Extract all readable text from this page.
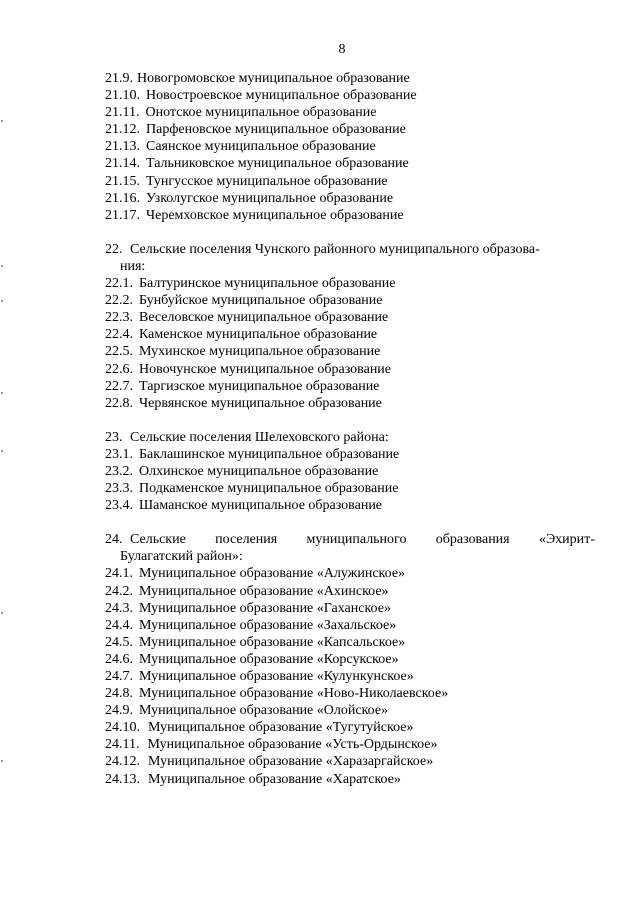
8
21.9. Новогромовское муниципальное образование
21.10. Новостроевское муниципальное образование
21.11. Онотское муниципальное образование
21.12. Парфеновское муниципальное образование
21.13. Саянское муниципальное образование
21.14. Тальниковское муниципальное образование
21.15. Тунгусское муниципальное образование
21.16. Узколугское муниципальное образование
21.17. Черемховское муниципальное образование
22. Сельские поселения Чунского районного муниципального образова-
ния:
22.1. Балтуринское муниципальное образование
22.2. Бунбуйское муниципальное образование
22.3. Веселовское муниципальное образование
22.4. Каменское муниципальное образование
22.5. Мухинское муниципальное образование
22.6. Новочунское муниципальное образование
22.7. Таргизское муниципальное образование
22.8. Червянское муниципальное образование
23. Сельские поселения Шелеховского района:
23.1. Баклашинское муниципальное образование
23.2. Олхинское муниципальное образование
23.3. Подкаменское муниципальное образование
23.4. Шаманское муниципальное образование
24. Сельские поселения муниципального образования «Эхирит-
Булагатский район»:
24.1. Муниципальное образование «Алужинское»
24.2. Муниципальное образование «Ахинское»
24.3. Муниципальное образование «Гаханское»
24.4. Муниципальное образование «Захальское»
24.5. Муниципальное образование «Капсальское»
24.6. Муниципальное образование «Корсукское»
24.7. Муниципальное образование «Кулункунское»
24.8. Муниципальное образование «Ново-Николаевское»
24.9. Муниципальное образование «Олойское»
24.10. Муниципальное образование «Тугутуйское»
24.11. Муниципальное образование «Усть-Ордынское»
24.12. Муниципальное образование «Харазаргайское»
24.13. Муниципальное образование «Харатское»
